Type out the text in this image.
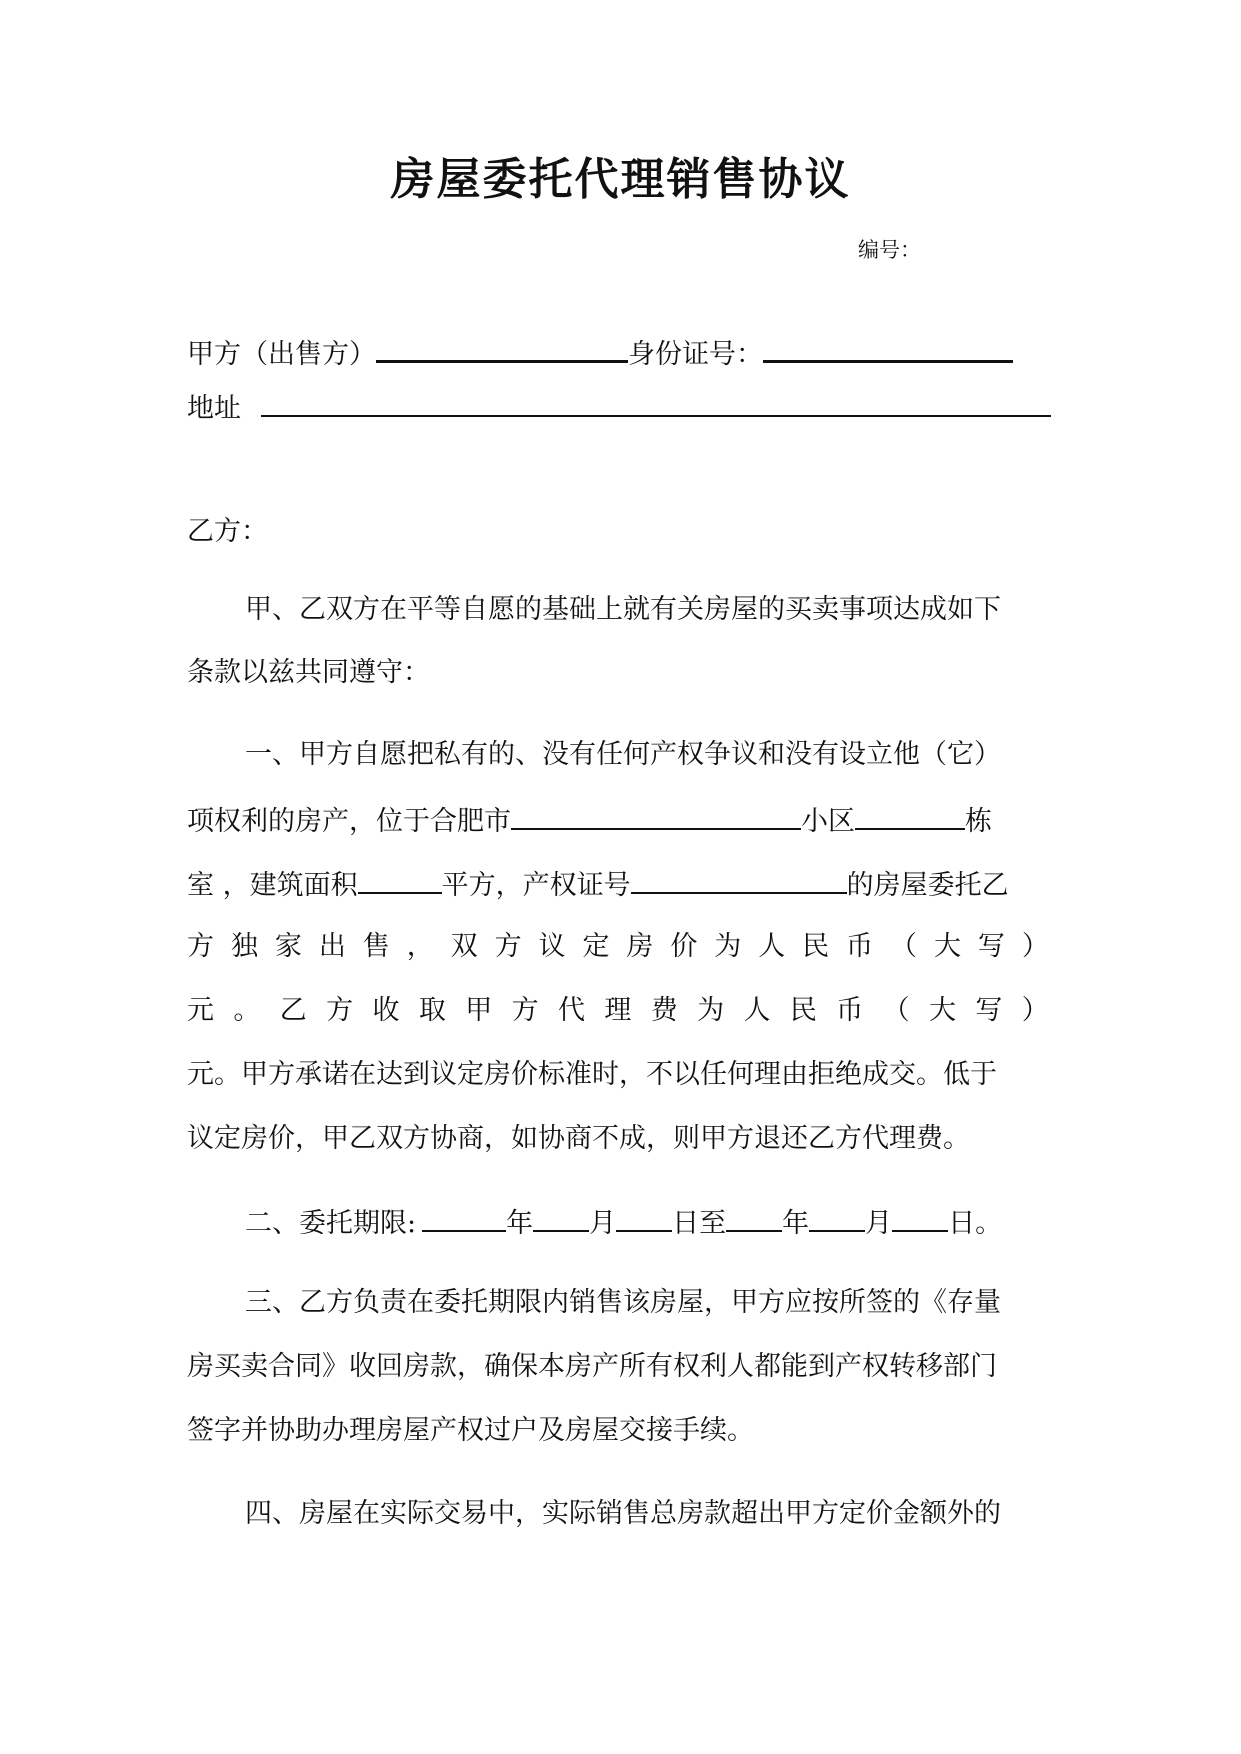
房屋委托代理销售协议
编号：
甲方（出售方）	身份证号：
地址
乙方：
甲、乙双方在平等自愿的基础上就有关房屋的买卖事项达成如下
条款以兹共同遵守：
一、甲方自愿把私有的、没有任何产权争议和没有设立他（它）
项权利的房产，位于合肥市	小区	栋
室 ，建筑面积	平方，产权证号	的房屋委托乙
方 独 家 出 售 ， 双 方 议 定 房 价 为 人 民 币 （ 大 写 ）
元 。 乙 方 收 取 甲 方 代 理 费 为 人 民 币 （ 大 写 ）
元。甲方承诺在达到议定房价标准时，不以任何理由拒绝成交。低于
议定房价，甲乙双方协商，如协商不成，则甲方退还乙方代理费。
二、委托期限:	年 月 日至 年 月 日。
三、乙方负责在委托期限内销售该房屋，甲方应按所签的《存量
房买卖合同》收回房款，确保本房产所有权利人都能到产权转移部门
签字并协助办理房屋产权过户及房屋交接手续。
四、房屋在实际交易中，实际销售总房款超出甲方定价金额外的
